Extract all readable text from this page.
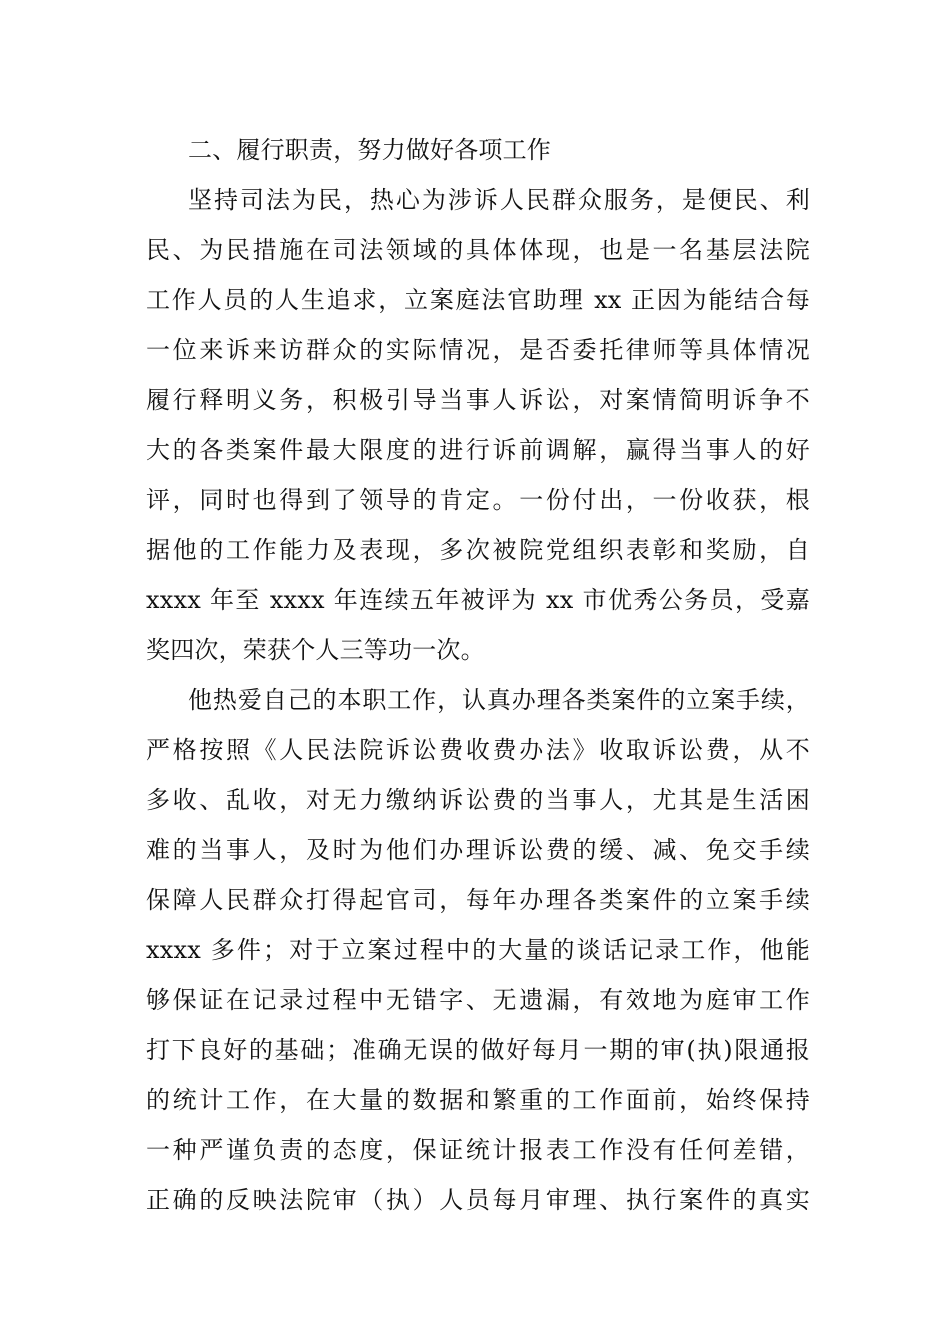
二、履行职责，努力做好各项工作
坚持司法为民，热心为涉诉人民群众服务，是便民、利
民、为民措施在司法领域的具体体现，也是一名基层法院
工作人员的人生追求，立案庭法官助理 xx 正因为能结合每
一位来诉来访群众的实际情况，是否委托律师等具体情况
履行释明义务，积极引导当事人诉讼，对案情简明诉争不
大的各类案件最大限度的进行诉前调解，赢得当事人的好
评，同时也得到了领导的肯定。一份付出，一份收获，根
据他的工作能力及表现，多次被院党组织表彰和奖励，自
xxxx 年至 xxxx 年连续五年被评为 xx 市优秀公务员，受嘉
奖四次，荣获个人三等功一次。
他热爱自己的本职工作，认真办理各类案件的立案手续，
严格按照《人民法院诉讼费收费办法》收取诉讼费，从不
多收、乱收，对无力缴纳诉讼费的当事人，尤其是生活困
难的当事人，及时为他们办理诉讼费的缓、减、免交手续
保障人民群众打得起官司，每年办理各类案件的立案手续
xxxx 多件；对于立案过程中的大量的谈话记录工作，他能
够保证在记录过程中无错字、无遗漏，有效地为庭审工作
打下良好的基础；准确无误的做好每月一期的审(执)限通报
的统计工作，在大量的数据和繁重的工作面前，始终保持
一种严谨负责的态度，保证统计报表工作没有任何差错，
正确的反映法院审（执）人员每月审理、执行案件的真实
